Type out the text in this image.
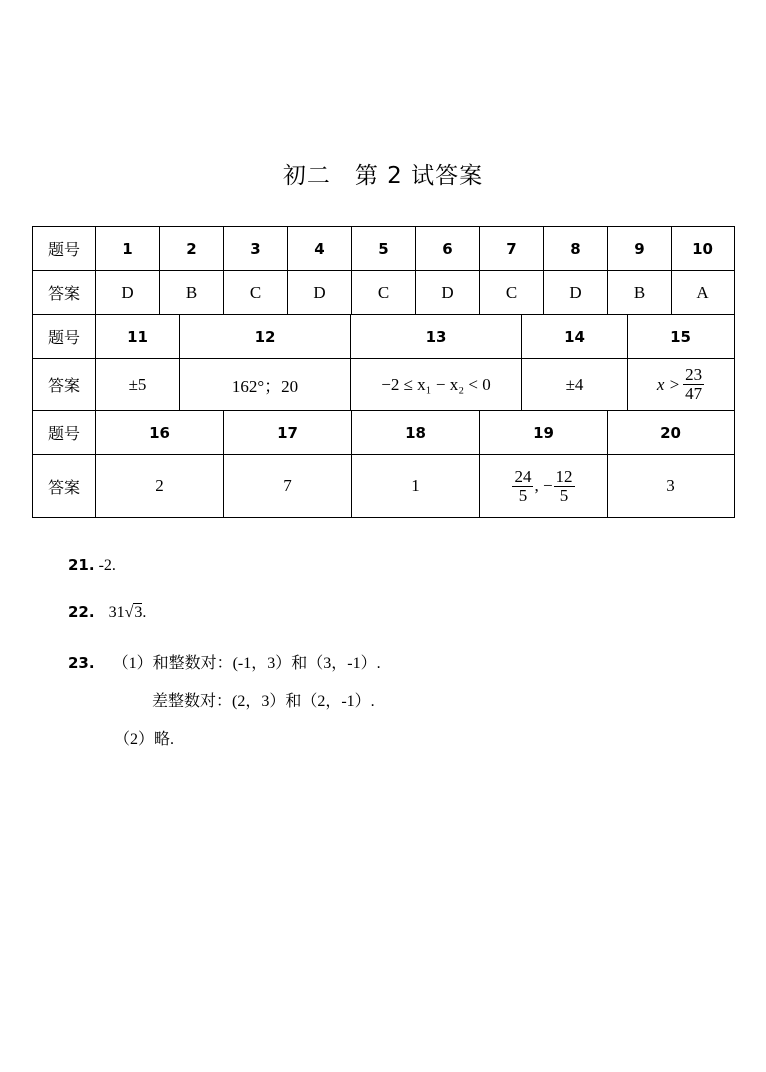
初二　第 2 试答案
题号	1	2	3	4	5	6	7	8	9	10
答案	D	B	C	D	C	D	C	D	B	A
题号	11	12	13	14	15
答案	±5	162°；20	−2 ≤ x₁ − x₂ < 0	±4	$x > \frac{23}{47}$
题号	16	17	18	19	20
答案	2	7	1	$\frac{24}{5}$ , − $\frac{12}{5}$	3
21. -2.
22. 31√3.
23. （1）和整数对：(-1，3）和（3，-1）.
差整数对：(2，3）和（2，-1）.
（2）略.
